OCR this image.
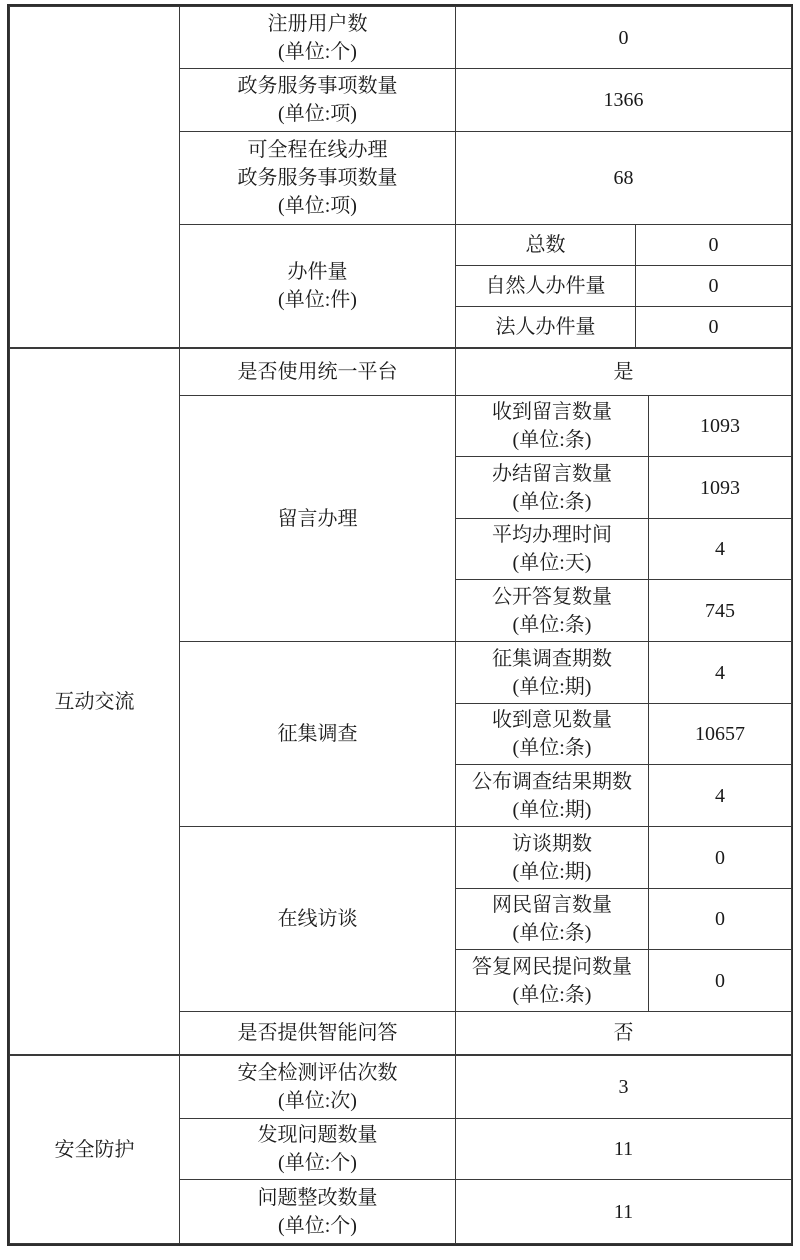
	注册用户数
(单位:个)	0	

	政务服务事项数量
(单位:项)	1366	

	可全程在线办理
政务服务事项数量
(单位:项)	68	

	办件量
(单位:件)	总数	0
		自然人办件量	0
		法人办件量	0
互动交流	是否使用统一平台	是	
	留言办理	收到留言数量
(单位:条)	1093

		办结留言数量
(单位:条)	1093

		平均办理时间
(单位:天)	4

		公开答复数量
(单位:条)	745
	征集调查	征集调查期数
(单位:期)	4

		收到意见数量
(单位:条)	10657

		公布调查结果期数
(单位:期)	4
	在线访谈	访谈期数
(单位:期)	0

		网民留言数量
(单位:条)	0

		答复网民提问数量
(单位:条)	0
	是否提供智能问答	否	
安全防护	安全检测评估次数
(单位:次)	3

	发现问题数量
(单位:个)	11

	问题整改数量
(单位:个)	11
